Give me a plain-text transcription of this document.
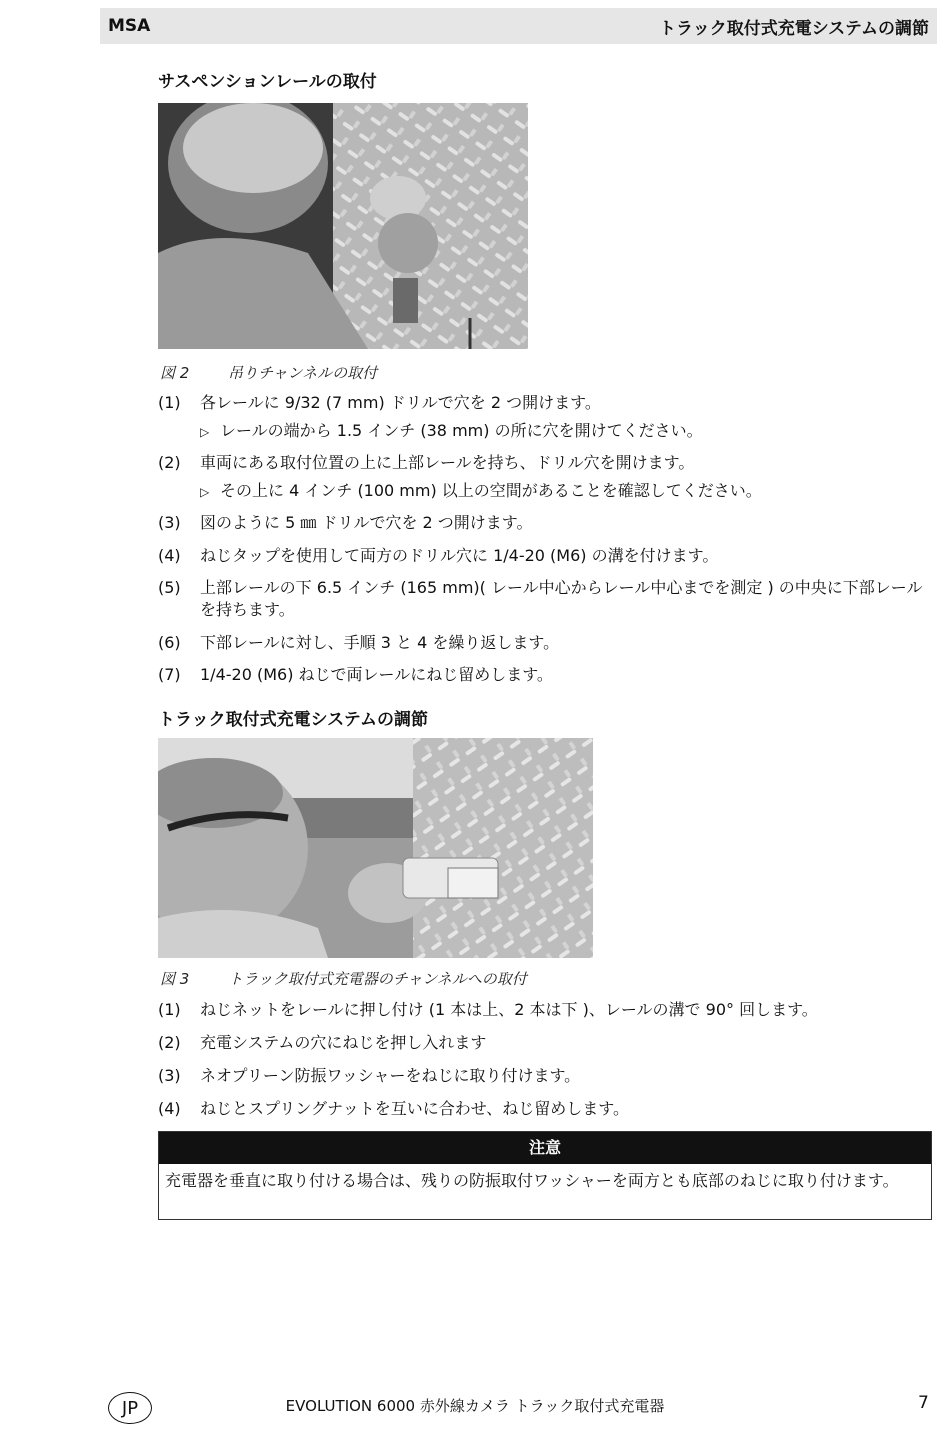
MSA	トラック取付式充電システムの調節
サスペンションレールの取付
図 2	吊りチャンネルの取付
(1)	各レールに 9/32 (7 mm) ドリルで穴を 2 つ開けます。
▷ レールの端から 1.5 インチ (38 mm) の所に穴を開けてください。
(2)	車両にある取付位置の上に上部レールを持ち、ドリル穴を開けます。
▷ その上に 4 インチ (100 mm) 以上の空間があることを確認してください。
(3)	図のように 5 ㎜ ドリルで穴を 2 つ開けます。
(4)	ねじタップを使用して両方のドリル穴に 1/4-20 (M6) の溝を付けます。
(5)	上部レールの下 6.5 インチ (165 mm)( レール中心からレール中心までを測定 ) の中央に下部レールを持ちます。
(6)	下部レールに対し、手順 3 と 4 を繰り返します。
(7)	1/4-20 (M6) ねじで両レールにねじ留めします。
トラック取付式充電システムの調節
図 3	トラック取付式充電器のチャンネルへの取付
(1)	ねじネットをレールに押し付け (1 本は上、2 本は下 )、レールの溝で 90° 回します。
(2)	充電システムの穴にねじを押し入れます
(3)	ネオプリーン防振ワッシャーをねじに取り付けます。
(4)	ねじとスプリングナットを互いに合わせ、ねじ留めします。
注意
充電器を垂直に取り付ける場合は、残りの防振取付ワッシャーを両方とも底部のねじに取り付けます。
JP	EVOLUTION 6000 赤外線カメラ トラック取付式充電器	7
